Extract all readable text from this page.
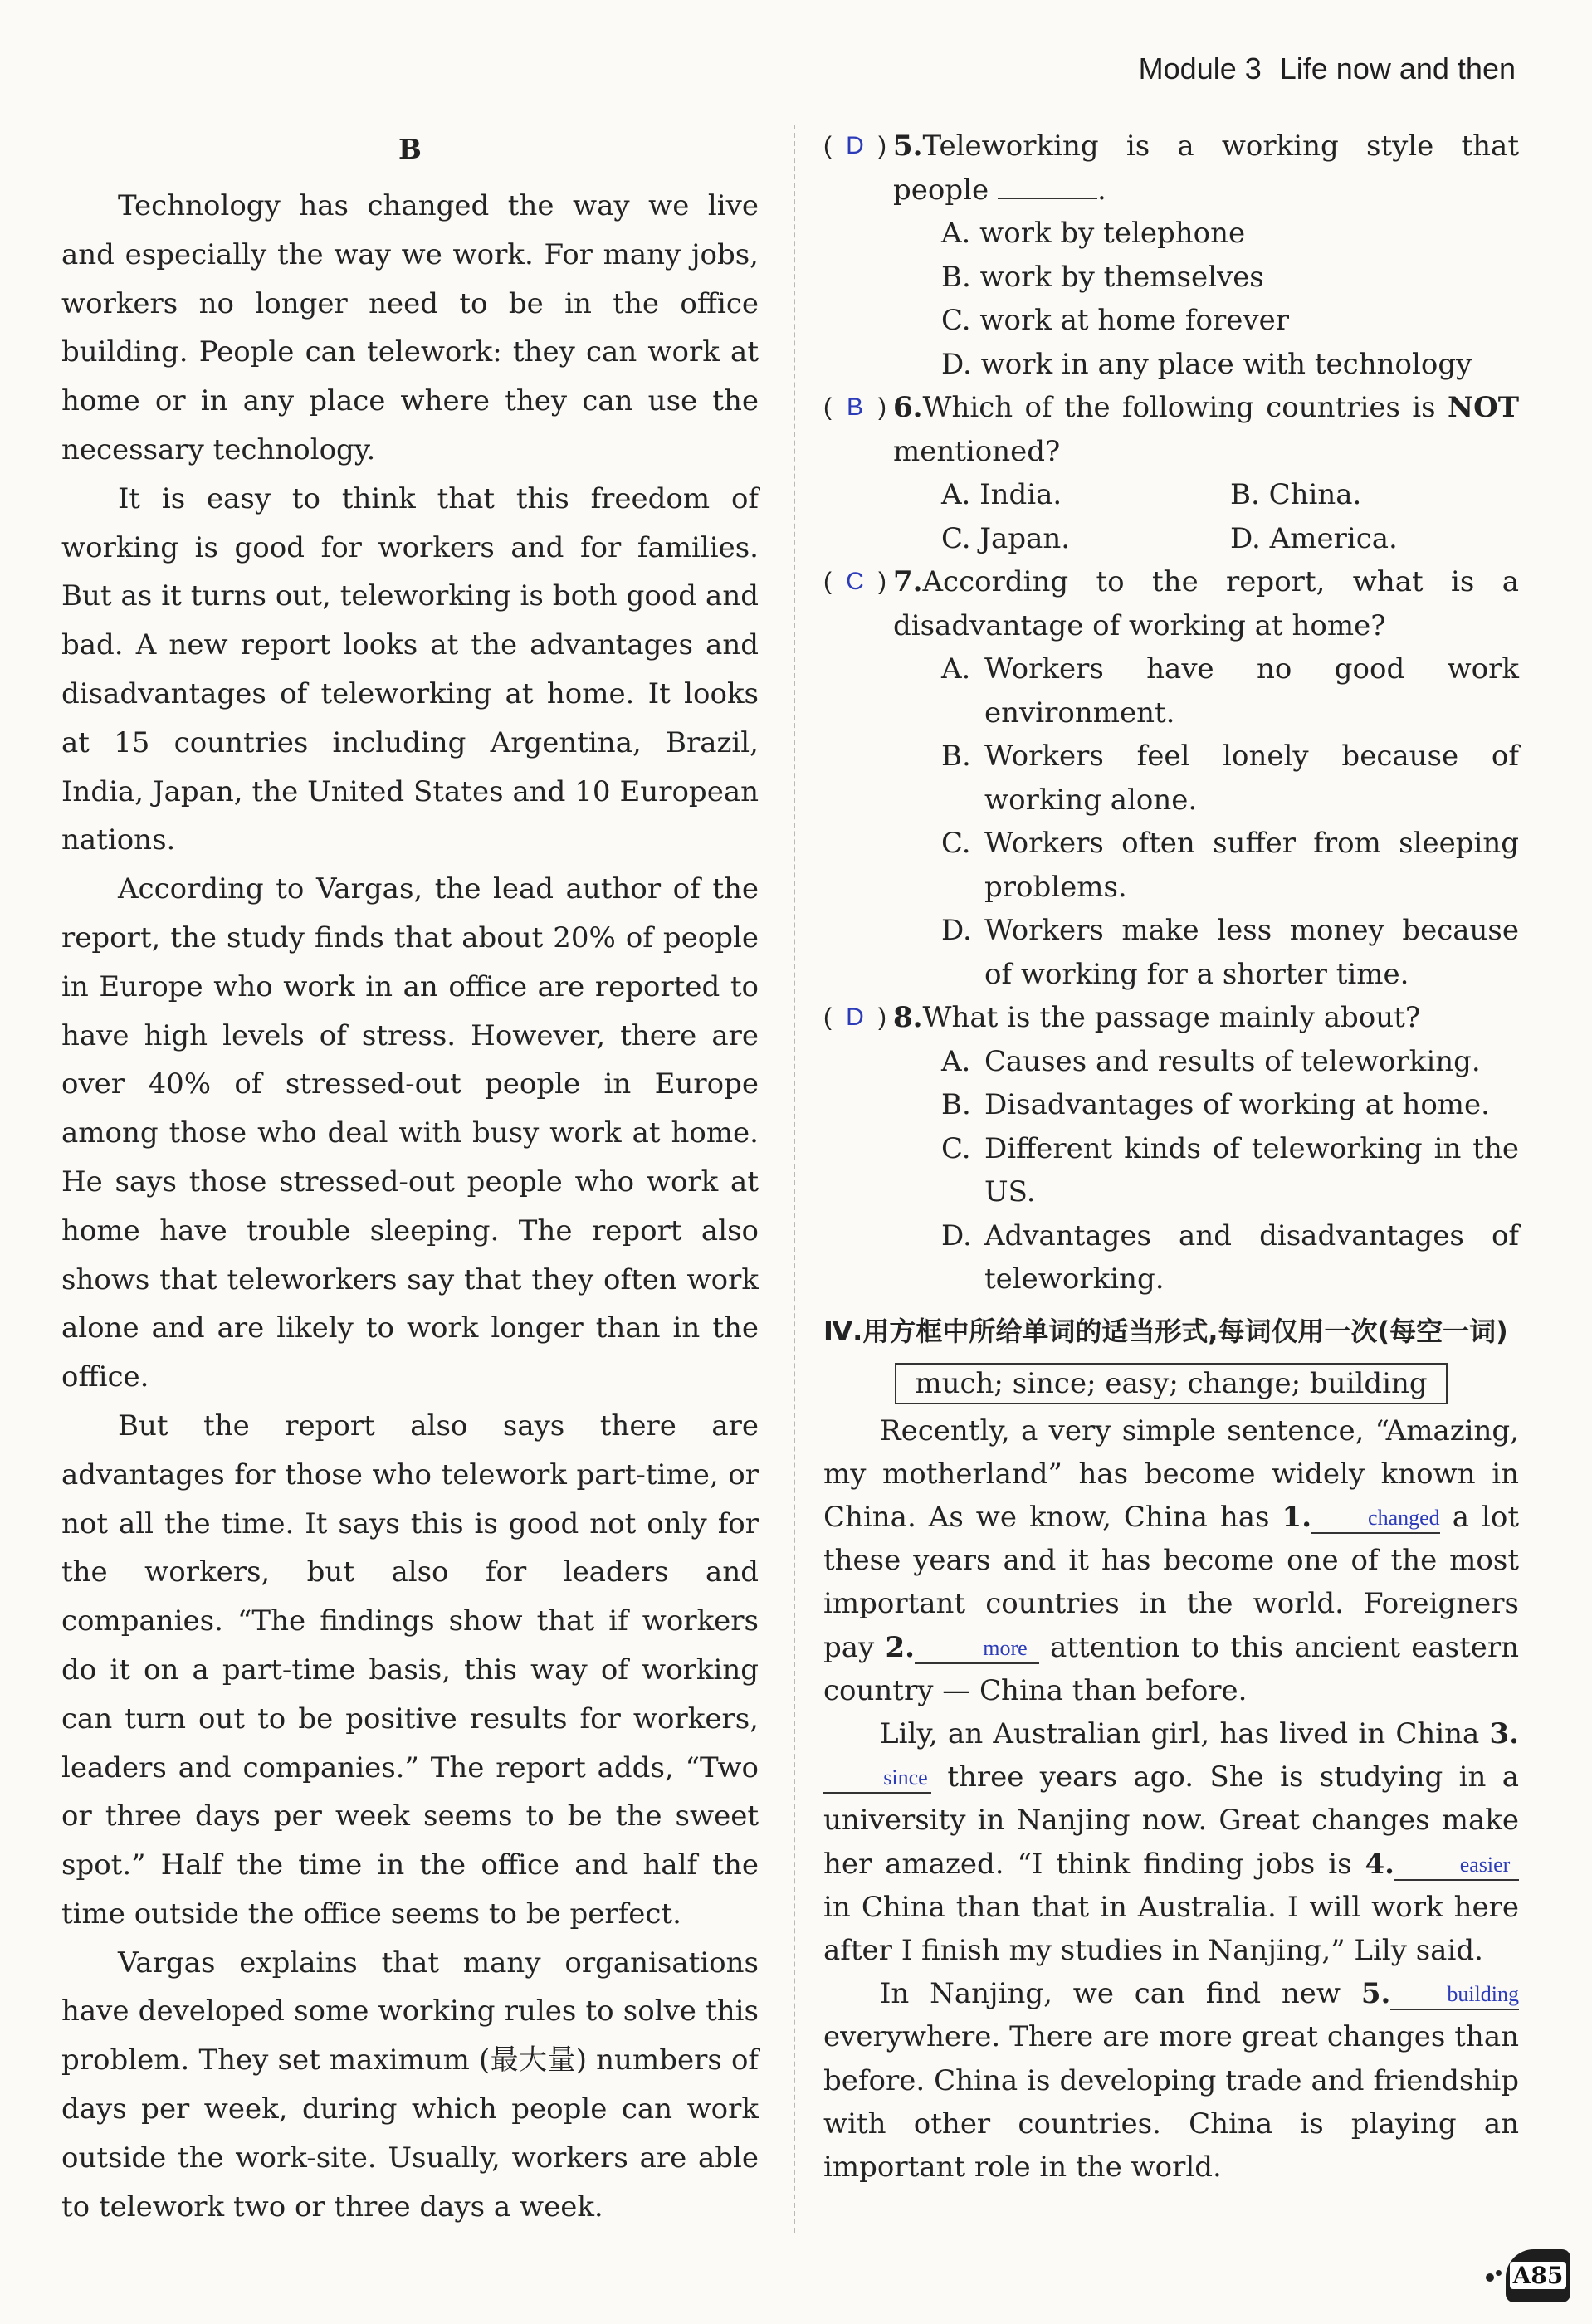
Module 3 Life now and then
B

Technology has changed the way we live and especially the way we work. For many jobs, workers no longer need to be in the office building. People can telework: they can work at home or in any place where they can use the necessary technology.

It is easy to think that this freedom of working is good for workers and for families. But as it turns out, teleworking is both good and bad. A new report looks at the advantages and disadvantages of teleworking at home. It looks at 15 countries including Argentina, Brazil, India, Japan, the United States and 10 European nations.

According to Vargas, the lead author of the report, the study finds that about 20% of people in Europe who work in an office are reported to have high levels of stress. However, there are over 40% of stressed-out people in Europe among those who deal with busy work at home. He says those stressed-out people who work at home have trouble sleeping. The report also shows that teleworkers say that they often work alone and are likely to work longer than in the office.

But the report also says there are advantages for those who telework part-time, or not all the time. It says this is good not only for the workers, but also for leaders and companies. “The findings show that if workers do it on a part-time basis, this way of working can turn out to be positive results for workers, leaders and companies.” The report adds, “Two or three days per week seems to be the sweet spot.” Half the time in the office and half the time outside the office seems to be perfect.

Vargas explains that many organisations have developed some working rules to solve this problem. They set maximum (最大量) numbers of days per week, during which people can work outside the work-site. Usually, workers are able to telework two or three days a week.

( D ) 5.Teleworking is a working style that people	.
A. work by telephone
B. work by themselves
C. work at home forever
D. work in any place with technology
( B ) 6.Which of the following countries is NOT mentioned?
A. India.	B. China.
C. Japan.	D. America.
( C ) 7.According to the report, what is a disadvantage of working at home?
A. Workers have no good work environment.
B. Workers feel lonely because of working alone.
C. Workers often suffer from sleeping problems.
D. Workers make less money because of working for a shorter time.
( D ) 8.What is the passage mainly about?
A. Causes and results of teleworking.
B. Disadvantages of working at home.
C. Different kinds of teleworking in the US.
D. Advantages and disadvantages of teleworking.
Ⅳ.用方框中所给单词的适当形式,每词仅用一次(每空一词)
much; since; easy; change; building

Recently, a very simple sentence, “Amazing, my motherland” has become widely known in China. As we know, China has 1.	changed a lot these years and it has become one of the most important countries in the world. Foreigners pay 2.	more attention to this ancient eastern country — China than before.

Lily, an Australian girl, has lived in China 3.since three years ago. She is studying in a university in Nanjing now. Great changes make her amazed. “I think finding jobs is 4.	easier in China than that in Australia. I will work here after I finish my studies in Nanjing,” Lily said.

In Nanjing, we can find new 5.	building everywhere. There are more great changes than before. China is developing trade and friendship with other countries. China is playing an important role in the world.

A85
